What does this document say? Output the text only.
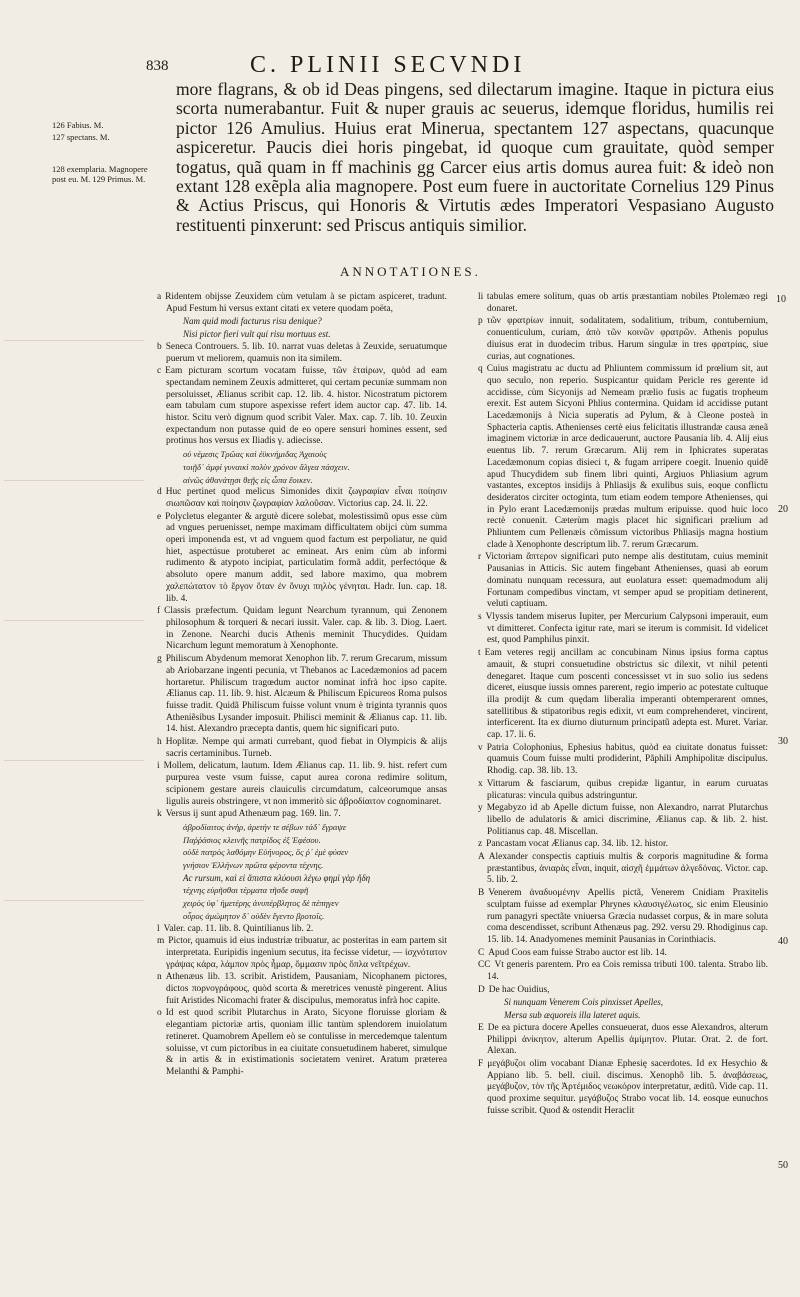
838	C. PLINII SECVNDI
126 Fabius. M.
127 spectans. M.
128 exemplaria. Magnopere post eu. M. 129 Primus. M.

more flagrans, & ob id Deas pingens, sed dilectarum imagine. Itaque in pictura eius scorta numerabantur. Fuit & nuper grauis ac seuerus, idemque floridus, humilis rei pictor 126 Amulius. Huius erat Minerua, spectantem 127 aspectans, quacunque aspiceretur. Paucis diei horis pingebat, id quoque cum grauitate, quòd semper togatus, quã quam in ff machinis gg Carcer eius artis domus aurea fuit: & ideò non extant 128 exẽpla alia magnopere. Post eum fuere in auctoritate Cornelius 129 Pinus & Actius Priscus, qui Honoris & Virtutis ædes Imperatori Vespasiano Augusto restituenti pinxerunt: sed Priscus antiquis similior.

ANNOTATIONES.
a Ridentem obijsse Zeuxidem cùm vetulam à se pictam aspiceret, tradunt. Apud Festum hi versus extant citati ex vetere quodam poëta,
Nam quid modi facturus risu denique?
Nisi pictor fieri vult qui risu mortuus est.
b Seneca Controuers. 5. lib. 10. narrat vuas deletas à Zeuxide, seruatumque puerum vt meliorem, quamuis non ita similem.
c Eam picturam scortum vocatam fuisse, τῶν ἑταίρων, quòd ad eam spectandam neminem Zeuxis admitteret, qui certam pecuniæ summam non persoluisset, Ælianus scribit cap. 12. lib. 4. histor. Nicostratum pictorem eam tabulam cum stupore aspexisse refert idem auctor cap. 47. lib. 14. histor. Scitu verò dignum quod scribit Valer. Max. cap. 7. lib. 10. Zeuxin expectandum non putasse quid de eo opere sensuri homines essent, sed protinus hos versus ex Iliadis γ. adiecisse.
οὐ νέμεσις Τρῶας καὶ ἐϋκνήμιδας Ἀχαιοὺς
τοιῇδ᾽ ἀμφὶ γυναικὶ πολὺν χρόνον ἄλγεα πάσχειν.
αἰνῶς ἀθανάτῃσι θεῇς εἰς ὦπα ἔοικεν.
d Huc pertinet quod melicus Simonides dixit ζωγραφίαν εἶναι ποίησιν σιωπῶσαν καὶ ποίησιν ζωγραφίαν λαλοῦσαν. Victorius cap. 24. li. 22.
e Polycletus eleganter & argutè dicere solebat, molestissimũ opus esse cùm ad vngues peruenisset, nempe maximam difficultatem obijci cùm summa operi imponenda est, vt ad vnguem quod factum est perpoliatur, ne quid hiet, aspectúsue protuberet ac emineat. Ars enim cùm ab informi rudimento & atypoto incipiat, particulatim formã addit, perfectóque & absoluto opere manum addit, sed labore maximo, qua mobrem χαλεπώτατον τὸ ἔργον ὅταν ἐν ὄνυχι πηλὸς γένηται. Hadr. Iun. cap. 18. lib. 4.
f Classis præfectum. Quidam legunt Nearchum tyrannum, qui Zenonem philosophum & torqueri & necari iussit. Valer. cap. & lib. 3. Diog. Laert. in Zenone. Nearchi ducis Athenis meminit Thucydides. Quidam Nicarchum legunt memoratum à Xenophonte.
g Philiscum Abydenum memorat Xenophon lib. 7. rerum Grecarum, missum ab Ariobarzane ingenti pecunia, vt Thebanos ac Lacedæmonios ad pacem hortaretur. Philiscum tragœdum auctor nominat infrà hoc ipso capite. Ælianus cap. 11. lib. 9. hist. Alcæum & Philiscum Epicureos Roma pulsos fuisse tradit. Quidã Philiscum fuisse volunt vnum è triginta tyrannis quos Atheniẽsibus Lysander imposuit. Philisci meminit & Ælianus cap. 11. lib. 14. hist. Alexandro præcepta dantis, quem hic significari puto.
h Hoplitæ. Nempe qui armati currebant, quod fiebat in Olympicis & alijs sacris certaminibus. Turneb.
i Mollem, delicatum, lautum. Idem Ælianus cap. 11. lib. 9. hist. refert cum purpurea veste vsum fuisse, caput aurea corona redimire solitum, scipionem gestare aureis clauiculis circumdatum, calceorumque ansas ligulis aureis obstringere, vt non immeritò sic ἁβροδίαιτον cognominaret.
k Versus ij sunt apud Athenæum pag. 169. lin. 7.
ἁβροδίαιτος ἀνὴρ, ἀρετὴν τε σέβων τάδ᾽ ἔγραψε
Παῤῥάσιος κλεινῆς πατρίδος ἐξ Ἐφέσου.
οὐδὲ πατρὸς λαθόμην Εὐήνορος, ὅς ῥ᾽ ἐμὲ φύσεν
γνήσιον Ἑλλήνων πρῶτα φέροντα τέχνης.
Ac rursum, καὶ εἰ ἄπιστα κλύουσι λέγω φημὶ γὰρ ἤδη
τέχνης εὑρῆσθαι τέρματα τῆσδε σαφῆ
χειρὸς ὑφ᾽ ἡμετέρης ἀνυπέρβλητος δὲ πέπηγεν
οὖρος ἀμώμητον δ᾽ οὐδὲν ἔγεντο βροτοῖς.
l Valer. cap. 11. lib. 8. Quintilianus lib. 2.
m Pictor, quamuis id eius industriæ tribuatur, ac posteritas in eam partem sit interpretata. Euripidis ingenium secutus, ita fecisse videtur, — ἰσχνότατον γράψας κάρα, λάμπον πρὸς ἧμαρ, ὄμμασιν πρὸς ὅπλα νεῖτρέχων.
n Athenæus lib. 13. scribit. Aristidem, Pausaniam, Nicophanem pictores, dictos πορνογράφους, quòd scorta & meretrices venustè pingerent. Alius fuit Aristides Nicomachi frater & discipulus, memoratus infrà hoc capite.
o Id est quod scribit Plutarchus in Arato, Sicyone floruisse gloriam & elegantiam pictoriæ artis, quoniam illic tantùm splendorem inuiolatum retineret. Quamobrem Apellem eò se contulisse in mercedemque talentum soluisse, vt cum pictoribus in ea ciuitate consuetudinem haberet, simulque & in artis & in existimationis societatem veniret. Aratum præterea Melanthi & Pamphi-
li tabulas emere solitum, quas ob artis præstantiam nobiles Ptolemæo regi donaret.
p τῶν φρατρίων innuit, sodalitatem, sodalitium, tribum, contubernium, conuenticulum, curiam, ἀπὸ τῶν κοινῶν φρατρῶν. Athenis populus diuisus erat in duodecim tribus. Harum singulæ in tres φρατρίας, siue curias, aut cognationes.
q Cuius magistratu ac ductu ad Phliuntem commissum id prœlium sit, aut quo seculo, non reperio. Suspicantur quidam Pericle res gerente id accidisse, cùm Sicyonijs ad Nemeam prælio fusis ac fugatis tropheum erexit. Est autem Sicyoni Phlius contermina. Quidam id accidisse putant Lacedæmonijs à Nicia superatis ad Pylum, & à Cleone posteà in Sphacteria captis. Athenienses certè eius felicitatis illustrandæ causa æneã imaginem victoriæ in arce dedicauerunt, auctore Pausania lib. 4. Alij eius euentus lib. 7. rerum Græcarum. Alij rem in Iphicrates superatas Lacedæmonum copias disieci t, & fugam arripere coegit. Inuenio quidē apud Thucydidem sub finem libri quinti, Argiuos Phliasium agrum vastantes, exceptos insidijs à Phliasijs & exulibus suis, eoque conflictu desideratos circiter octoginta, tum etiam eodem tempore Athenienses, qui in Pylo erant Lacedæmonijs prædas multum eripuisse. quod huic loco rectè conuenit. Cæterùm magis placet hic significari prælium ad Phliuntem cum Pellenæis cõmissum victoribus Phliasijs magna hostium clade à Xenophonte descriptum lib. 7. rerum Græcarum.
r Victoriam ἄπτερον significari puto nempe alis destitutam, cuius meminit Pausanias in Atticis. Sic autem fingebant Athenienses, quasi ab eorum dominatu nunquam recessura, aut euolatura esset: quemadmodum alij Fortunam compedibus vinctam, vt semper apud se propitiam detinerent, veluti captiuam.
s Vlyssis tandem miserus Iupiter, per Mercurium Calypsoni imperauit, eum vt dimitteret. Confecta igitur rate, mari se iterum is commisit. Id videlicet est, quod Pamphilus pinxit.
t Eam veteres regij ancillam ac concubinam Ninus ipsius forma captus amauit, & stupri consuetudine obstrictus sic dilexit, vt nihil petenti denegaret. Itaque cum poscenti concessisset vt in suo solio ius sedens diceret, eiusque iussis omnes parerent, regio imperio ac potestate cultuque illa prodijt & cum quędam liberalia imperanti obtemperarent omnes, satellitibus & stipatoribus regis edixit, vt eum comprehenderet, vincirent, interficerent. Ita ex diurno diuturnum principatũ adepta est. Muret. Variar. cap. 17. li. 6.
v Patria Colophonius, Ephesius habitus, quòd ea ciuitate donatus fuisset: quamuis Coum fuisse multi prodiderint, Pãphili Amphipolitæ discipulus. Rhodig. cap. 38. lib. 13.
x Vittarum & fasciarum, quibus crepidæ ligantur, in earum curuatas plicaturas: vincula quibus adstringuntur.
y Megabyzo id ab Apelle dictum fuisse, non Alexandro, narrat Plutarchus libello de adulatoris & amici discrimine, Ælianus cap. & lib. 2. hist. Politianus cap. 48. Miscellan.
z Pancastam vocat Ælianus cap. 34. lib. 12. histor.
A Alexander conspectis captiuis multis & corporis magnitudine & forma præstantibus, ἀνιαρὰς εἶναι, inquit, αἰσχῆ ἐμμάτων ἀλγεδόνας. Victor. cap. 5. lib. 2.
B Venerem ἀναδυομένην Apellis pictã, Venerem Cnidiam Praxitelis sculptam fuisse ad exemplar Phrynes κλαυσιγέλωτος, sic enim Eleusinio rum panagyri spectãte vniuersa Græcia nudasset corpus, & in mare soluta coma descendisset, scribunt Athenæus pag. 292. versu 29. Rhodiginus cap. 15. lib. 14. Anadyomenes meminit Pausanias in Corinthiacis.
C Apud Coos eam fuisse Strabo auctor est lib. 14.
CC Vt generis parentem. Pro ea Cois remissa tributi 100. talenta. Strabo lib. 14.
D De hac Ouidius,
Si nunquam Venerem Cois pinxisset Apelles,
Mersa sub æquoreis illa lateret aquis.
E De ea pictura docere Apelles consueuerat, duos esse Alexandros, alterum Philippi ἀνίκητον, alterum Apellis ἀμίμητον. Plutar. Orat. 2. de fort. Alexan.
F μεγάβυζοι olim vocabant Dianæ Ephesię sacerdotes. Id ex Hesychio & Appiano lib. 5. bell. ciuil. discimus. Xenophõ lib. 5. ἀναβάσεως, μεγάβυζον, τὸν τῆς Ἀρτέμιδος νεωκόρον interpretatur, æditũ. Vide cap. 11. quod proxime sequitur. μεγάβυζος Strabo vocat lib. 14. eosque eunuchos fuisse scribit. Quod & ostendit Heraclit
10
20
30
40
50
